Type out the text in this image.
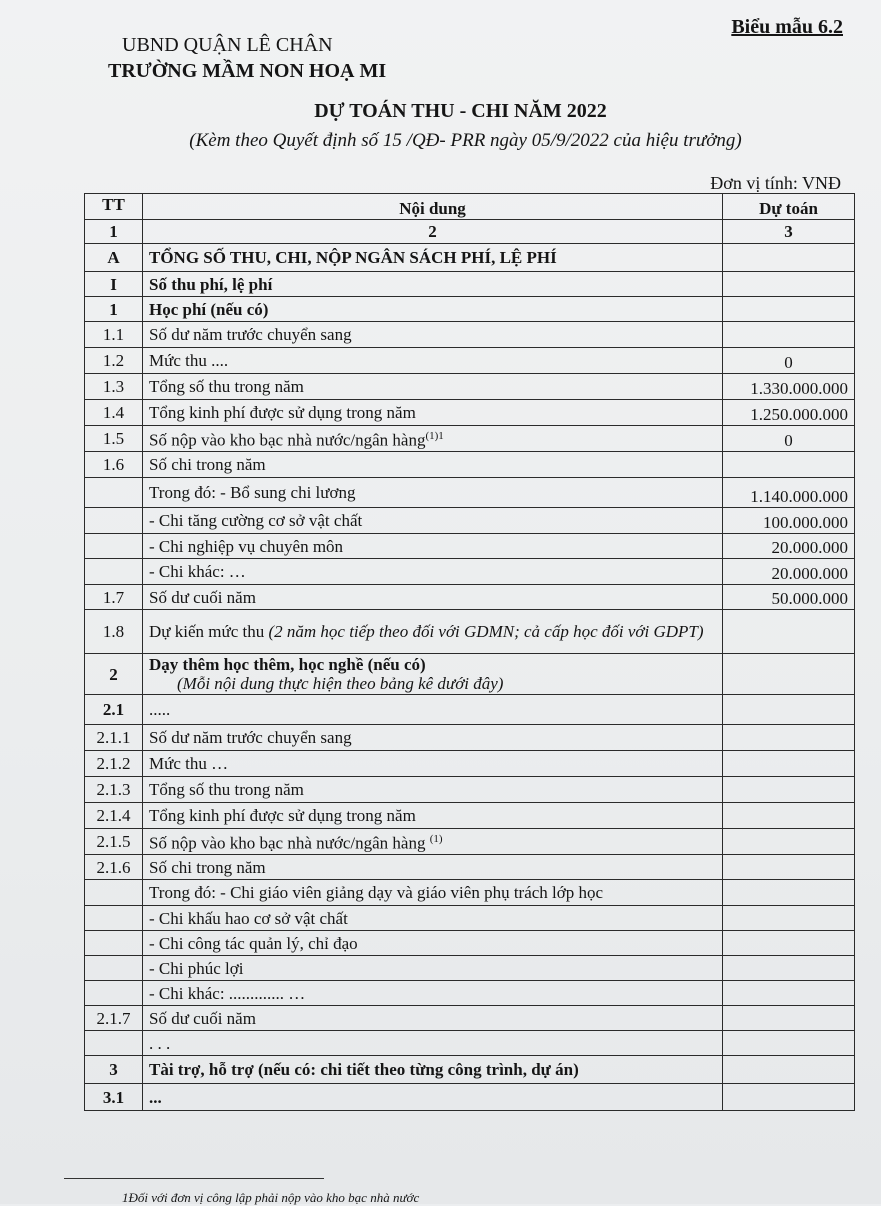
Biểu mẫu 6.2
UBND QUẬN LÊ CHÂN
TRƯỜNG MẦM NON HOẠ MI
DỰ TOÁN THU - CHI NĂM 2022
(Kèm theo Quyết định số 15 /QĐ- PRR ngày 05/9/2022 của hiệu trưởng)
Đơn vị tính: VNĐ
TT	Nội dung	Dự toán
1	2	3
A	TỔNG SỐ THU, CHI, NỘP NGÂN SÁCH PHÍ, LỆ PHÍ	
I	Số thu phí, lệ phí	
1	Học phí (nếu có)	
1.1	Số dư năm trước chuyển sang	
1.2	Mức thu ....	0
1.3	Tổng số thu trong năm	1.330.000.000
1.4	Tổng kinh phí được sử dụng trong năm	1.250.000.000
1.5	Số nộp vào kho bạc nhà nước/ngân hàng$^{(1)1}$	0
1.6	Số chi trong năm	
	Trong đó: - Bổ sung chi lương	1.140.000.000
	- Chi tăng cường cơ sở vật chất	100.000.000
	- Chi nghiệp vụ chuyên môn	20.000.000
	- Chi khác: …	20.000.000
1.7	Số dư cuối năm	50.000.000
1.8	Dự kiến mức thu (2 năm học tiếp theo đối với GDMN; cả cấp học đối với GDPT)	
2	Dạy thêm học thêm, học nghề (nếu có)
(Mỗi nội dung thực hiện theo bảng kê dưới đây)	

2.1	.....	
2.1.1	Số dư năm trước chuyển sang	
2.1.2	Mức thu …	
2.1.3	Tổng số thu trong năm	
2.1.4	Tổng kinh phí được sử dụng trong năm	
2.1.5	Số nộp vào kho bạc nhà nước/ngân hàng $^{(1)}$	
2.1.6	Số chi trong năm	
	Trong đó: - Chi giáo viên giảng dạy và giáo viên phụ trách lớp học	
	- Chi khấu hao cơ sở vật chất	
	- Chi công tác quản lý, chỉ đạo	
	- Chi phúc lợi	
	- Chi khác: ............. …	
2.1.7	Số dư cuối năm	
	. . .	
3	Tài trợ, hỗ trợ (nếu có: chi tiết theo từng công trình, dự án)	
3.1	...	
1Đối với đơn vị công lập phải nộp vào kho bạc nhà nước
